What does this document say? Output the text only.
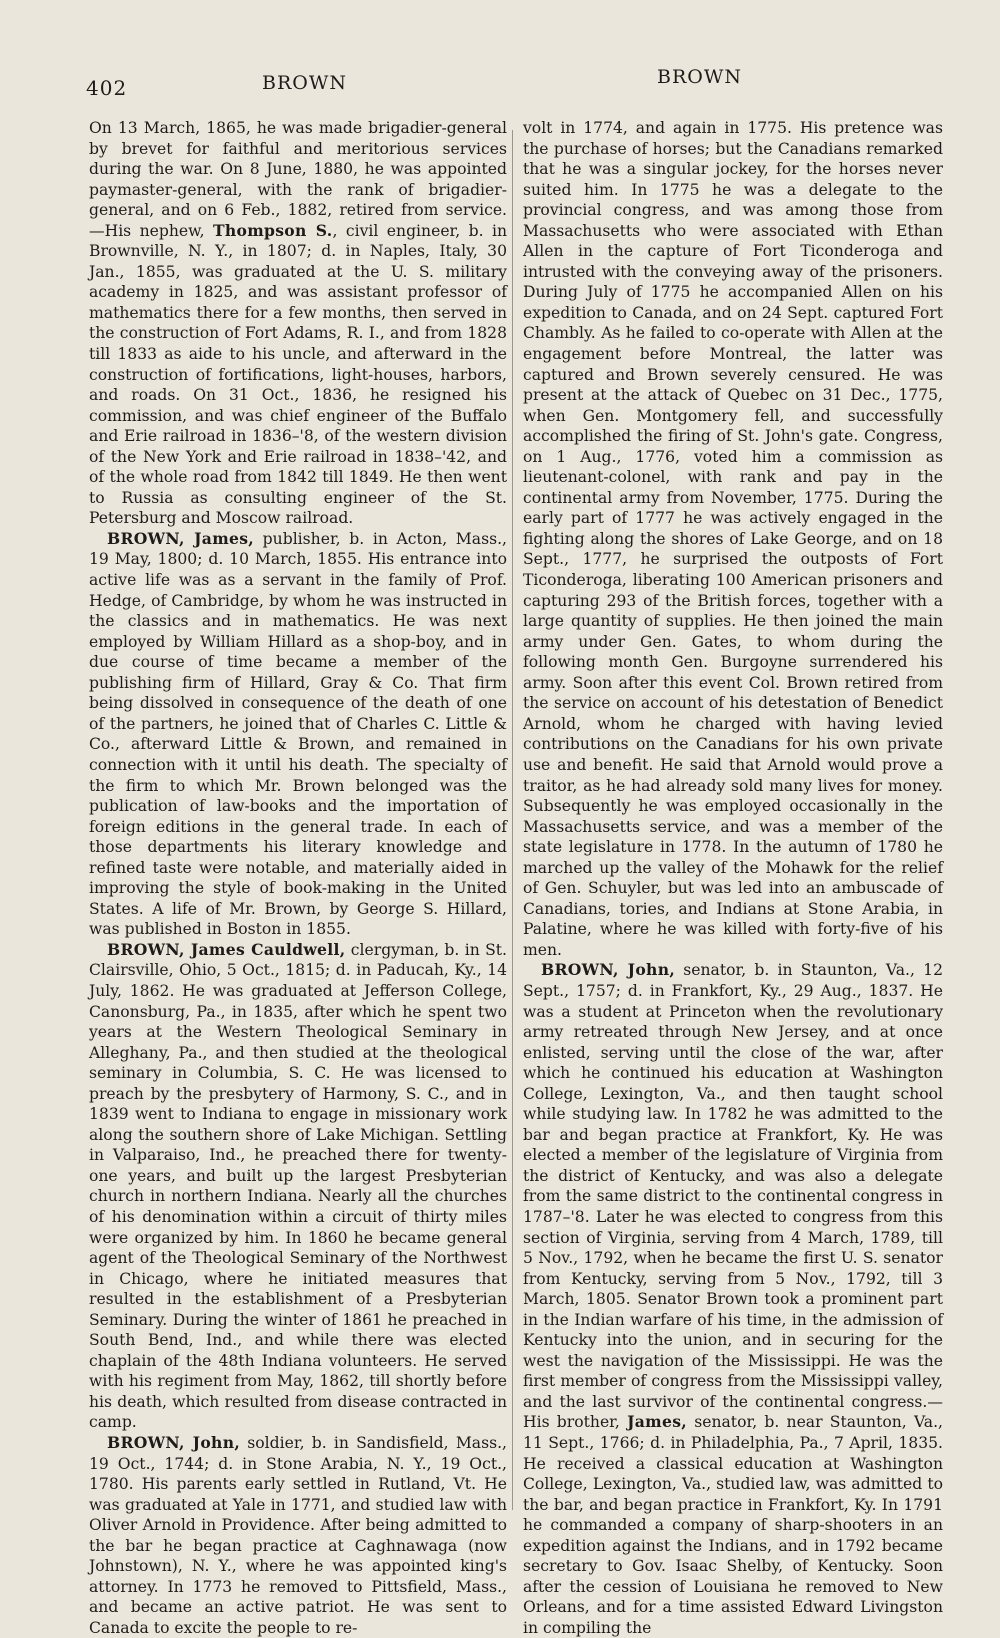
402	BROWN	BROWN

On 13 March, 1865, he was made brigadier-general by brevet for faithful and meritorious services during the war. On 8 June, 1880, he was appointed paymaster-general, with the rank of brigadier-general, and on 6 Feb., 1882, retired from service. —His nephew, Thompson S., civil engineer, b. in Brownville, N. Y., in 1807; d. in Naples, Italy, 30 Jan., 1855, was graduated at the U. S. military academy in 1825, and was assistant professor of mathematics there for a few months, then served in the construction of Fort Adams, R. I., and from 1828 till 1833 as aide to his uncle, and afterward in the construction of fortifications, light-houses, harbors, and roads. On 31 Oct., 1836, he resigned his commission, and was chief engineer of the Buffalo and Erie railroad in 1836–'8, of the western division of the New York and Erie railroad in 1838–'42, and of the whole road from 1842 till 1849. He then went to Russia as consulting engineer of the St. Petersburg and Moscow railroad.

BROWN, James, publisher, b. in Acton, Mass., 19 May, 1800; d. 10 March, 1855. His entrance into active life was as a servant in the family of Prof. Hedge, of Cambridge, by whom he was instructed in the classics and in mathematics. He was next employed by William Hillard as a shop-boy, and in due course of time became a member of the publishing firm of Hillard, Gray & Co. That firm being dissolved in consequence of the death of one of the partners, he joined that of Charles C. Little & Co., afterward Little & Brown, and remained in connection with it until his death. The specialty of the firm to which Mr. Brown belonged was the publication of law-books and the importation of foreign editions in the general trade. In each of those departments his literary knowledge and refined taste were notable, and materially aided in improving the style of book-making in the United States. A life of Mr. Brown, by George S. Hillard, was published in Boston in 1855.

BROWN, James Cauldwell, clergyman, b. in St. Clairsville, Ohio, 5 Oct., 1815; d. in Paducah, Ky., 14 July, 1862. He was graduated at Jefferson College, Canonsburg, Pa., in 1835, after which he spent two years at the Western Theological Seminary in Alleghany, Pa., and then studied at the theological seminary in Columbia, S. C. He was licensed to preach by the presbytery of Harmony, S. C., and in 1839 went to Indiana to engage in missionary work along the southern shore of Lake Michigan. Settling in Valparaiso, Ind., he preached there for twenty-one years, and built up the largest Presbyterian church in northern Indiana. Nearly all the churches of his denomination within a circuit of thirty miles were organized by him. In 1860 he became general agent of the Theological Seminary of the Northwest in Chicago, where he initiated measures that resulted in the establishment of a Presbyterian Seminary. During the winter of 1861 he preached in South Bend, Ind., and while there was elected chaplain of the 48th Indiana volunteers. He served with his regiment from May, 1862, till shortly before his death, which resulted from disease contracted in camp.

BROWN, John, soldier, b. in Sandisfield, Mass., 19 Oct., 1744; d. in Stone Arabia, N. Y., 19 Oct., 1780. His parents early settled in Rutland, Vt. He was graduated at Yale in 1771, and studied law with Oliver Arnold in Providence. After being admitted to the bar he began practice at Caghnawaga (now Johnstown), N. Y., where he was appointed king's attorney. In 1773 he removed to Pittsfield, Mass., and became an active patriot. He was sent to Canada to excite the people to re-

volt in 1774, and again in 1775. His pretence was the purchase of horses; but the Canadians remarked that he was a singular jockey, for the horses never suited him. In 1775 he was a delegate to the provincial congress, and was among those from Massachusetts who were associated with Ethan Allen in the capture of Fort Ticonderoga and intrusted with the conveying away of the prisoners. During July of 1775 he accompanied Allen on his expedition to Canada, and on 24 Sept. captured Fort Chambly. As he failed to co-operate with Allen at the engagement before Montreal, the latter was captured and Brown severely censured. He was present at the attack of Quebec on 31 Dec., 1775, when Gen. Montgomery fell, and successfully accomplished the firing of St. John's gate. Congress, on 1 Aug., 1776, voted him a commission as lieutenant-colonel, with rank and pay in the continental army from November, 1775. During the early part of 1777 he was actively engaged in the fighting along the shores of Lake George, and on 18 Sept., 1777, he surprised the outposts of Fort Ticonderoga, liberating 100 American prisoners and capturing 293 of the British forces, together with a large quantity of supplies. He then joined the main army under Gen. Gates, to whom during the following month Gen. Burgoyne surrendered his army. Soon after this event Col. Brown retired from the service on account of his detestation of Benedict Arnold, whom he charged with having levied contributions on the Canadians for his own private use and benefit. He said that Arnold would prove a traitor, as he had already sold many lives for money. Subsequently he was employed occasionally in the Massachusetts service, and was a member of the state legislature in 1778. In the autumn of 1780 he marched up the valley of the Mohawk for the relief of Gen. Schuyler, but was led into an ambuscade of Canadians, tories, and Indians at Stone Arabia, in Palatine, where he was killed with forty-five of his men.

BROWN, John, senator, b. in Staunton, Va., 12 Sept., 1757; d. in Frankfort, Ky., 29 Aug., 1837. He was a student at Princeton when the revolutionary army retreated through New Jersey, and at once enlisted, serving until the close of the war, after which he continued his education at Washington College, Lexington, Va., and then taught school while studying law. In 1782 he was admitted to the bar and began practice at Frankfort, Ky. He was elected a member of the legislature of Virginia from the district of Kentucky, and was also a delegate from the same district to the continental congress in 1787–'8. Later he was elected to congress from this section of Virginia, serving from 4 March, 1789, till 5 Nov., 1792, when he became the first U. S. senator from Kentucky, serving from 5 Nov., 1792, till 3 March, 1805. Senator Brown took a prominent part in the Indian warfare of his time, in the admission of Kentucky into the union, and in securing for the west the navigation of the Mississippi. He was the first member of congress from the Mississippi valley, and the last survivor of the continental congress.—His brother, James, senator, b. near Staunton, Va., 11 Sept., 1766; d. in Philadelphia, Pa., 7 April, 1835. He received a classical education at Washington College, Lexington, Va., studied law, was admitted to the bar, and began practice in Frankfort, Ky. In 1791 he commanded a company of sharp-shooters in an expedition against the Indians, and in 1792 became secretary to Gov. Isaac Shelby, of Kentucky. Soon after the cession of Louisiana he removed to New Orleans, and for a time assisted Edward Livingston in compiling the
